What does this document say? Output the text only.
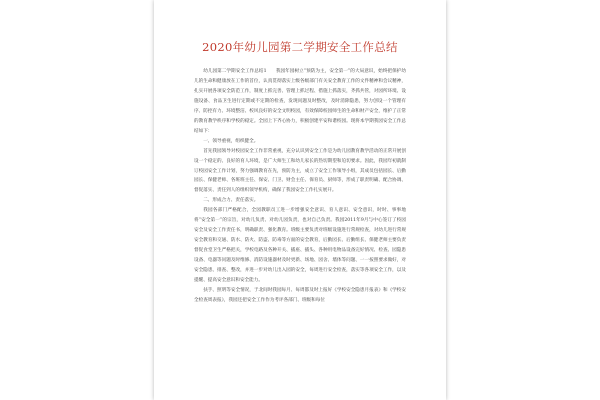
2020年幼儿园第二学期安全工作总结

幼儿园第二学期安全工作总结1　　我园年园树立“预防为主，安全第一”的大局意识，始终把保护幼儿的生命和健康放在工作的首位，认真贯彻落实上级各级部门有关安全教育工作的文件精神和会议精神，扎实开展各项安全防范工作，制度上抓完善、管理上抓过程、措施上抓落实，齐抓共管，对园所环境、设施设备、食品卫生进行定期或不定期的检查，发现问题及时整改，及时消除隐患，努力创设一个管理有序、防控有力、环境整洁、校风良好的安全文明校园，有效保障校园师生的生命和财产安全，维护了正常的教育教学秩序和学校的稳定。全园上下齐心协力，积极创建平安和谐校园。现将本学期我园安全工作总结如下：

一、领导重视，组织健全。

首先我园领导对校园安全工作非常重视，充分认识到安全工作是为幼儿园教育教学活动的正常开展创设一个稳定的、良好的育人环境，是广大师生工和幼儿家长的热切期望和迫切要求。因此，我园年初就制订校园安全工作计划，努力强调教育在先，预防为主，成立了安全工作领导小组，其成员包括园长、后勤园长、保健老师、各班班主任、保安、门卫、财会主任、保育员、厨师等，形成了职责明确、配合协调、督促落实、责任到人的组织领导机构，确保了我园安全工作扎实展开。

二、形成合力、责任落实。

我园各部门严格配合，全园教职员工进一步增强安全意识、育人意识、安全意识，时时、事事地将“安全第一”的宗旨，对幼儿负责、对幼儿园负责，也对自己负责。我园2011年9月与中心签订了校园安全及安全工作责任书，明确职责、强化教育。班级主要负责对班级设施进行常规检查，对幼儿进行常规安全教育和交通、防水、防火、防盗、防毒等方面的安全教育，后勤园长、后勤组长、保健老师主要负责督促食堂卫生严格把关，学校电路及各种开关、插座、插头、各种用电物品设备完好情况、检查、园隐患设备、电器等问题及时维修、消防设施器材及时更新、场地、园舍、墙体等问题、一一按照要求做好，对安全隐患、排查、整改，并进一步对幼儿出入园的安全，每周进行安全检查，落实等各项安全工作，以及提醒、提高安全意识和安全能力。

扶手、照明等安全情况，于北间时我园每月、每周都及时上报好《学校安全隐患月报表》和《学校安全检查周表报》，我园还把安全工作作为考评各部门、班级和每位
